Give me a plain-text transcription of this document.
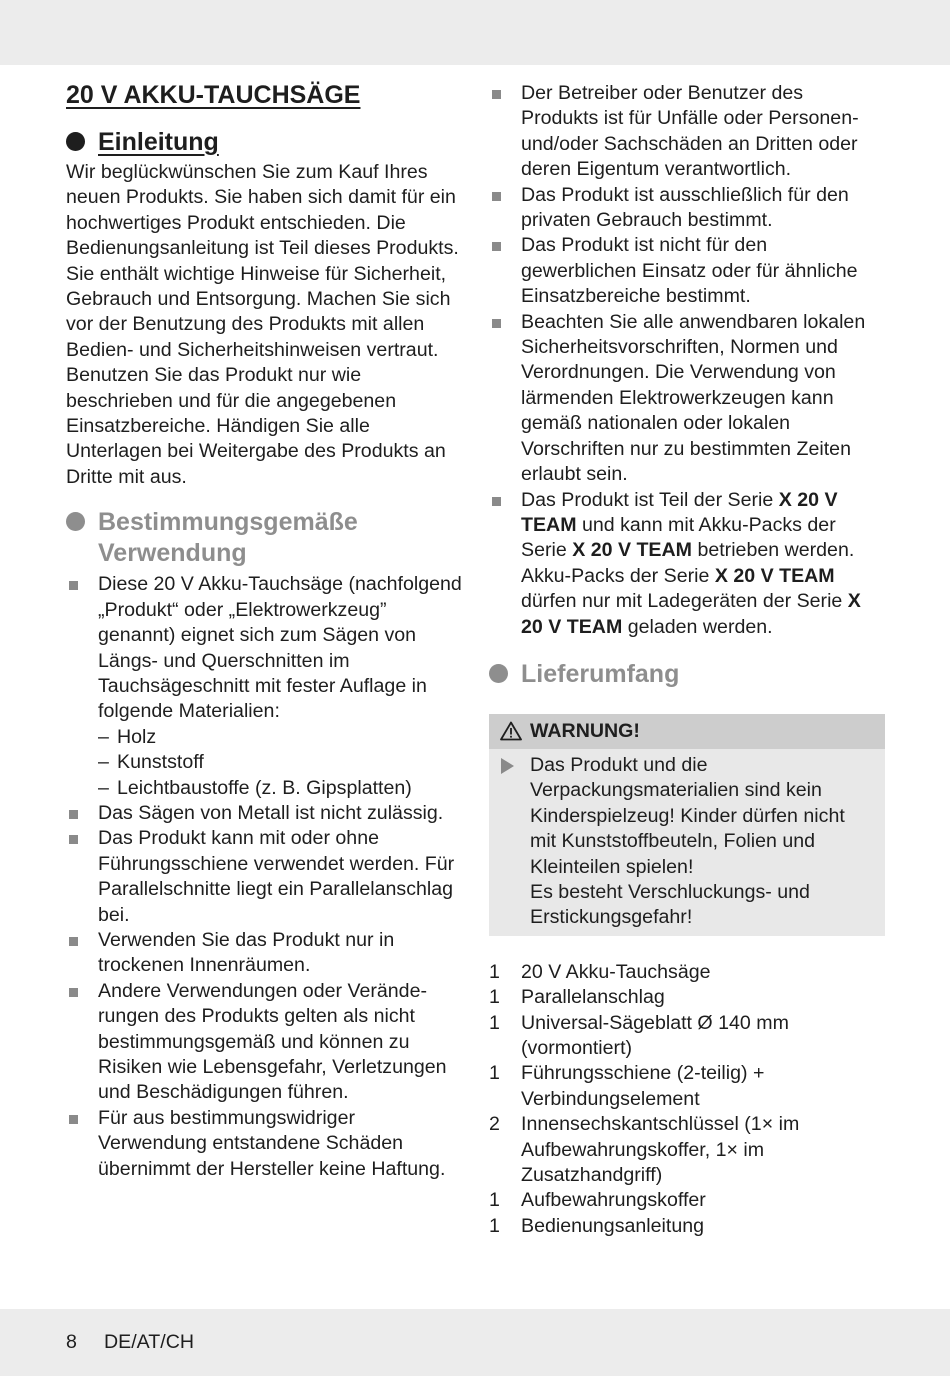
20 V AKKU-TAUCHSÄGE
Einleitung

Wir beglückwünschen Sie zum Kauf Ihres neuen Produkts. Sie haben sich damit für ein hochwertiges Produkt entschieden. Die Bedienungsanleitung ist Teil dieses Produkts. Sie enthält wichtige Hinweise für Sicherheit, Gebrauch und Entsorgung. Machen Sie sich vor der Benutzung des Produkts mit allen Bedien- und Sicherheitshinweisen vertraut. Benutzen Sie das Produkt nur wie beschrieben und für die angegebenen Einsatzbereiche. Händigen Sie alle Unterlagen bei Weitergabe des Produkts an Dritte mit aus.

Bestimmungsgemäße
Verwendung
Diese 20 V Akku-Tauchsäge (nachfolgend „Produkt“ oder „Elektrowerkzeug” genannt) eignet sich zum Sägen von Längs- und Querschnitten im Tauchsägeschnitt mit fester Auflage in folgende Materialien:
– Holz
– Kunststoff
– Leichtbaustoffe (z. B. Gipsplatten)
Das Sägen von Metall ist nicht zulässig.
Das Produkt kann mit oder ohne Führungsschiene verwendet werden. Für Parallelschnitte liegt ein Parallelanschlag bei.
Verwenden Sie das Produkt nur in trockenen Innenräumen.
Andere Verwendungen oder Verände-rungen des Produkts gelten als nicht bestimmungsgemäß und können zu Risiken wie Lebensgefahr, Verletzungen und Beschädigungen führen.
Für aus bestimmungswidriger Verwendung entstandene Schäden übernimmt der Hersteller keine Haftung.
Der Betreiber oder Benutzer des Produkts ist für Unfälle oder Personen- und/oder Sachschäden an Dritten oder deren Eigentum verantwortlich.
Das Produkt ist ausschließlich für den privaten Gebrauch bestimmt.
Das Produkt ist nicht für den gewerblichen Einsatz oder für ähnliche Einsatzbereiche bestimmt.
Beachten Sie alle anwendbaren lokalen Sicherheitsvorschriften, Normen und Verordnungen. Die Verwendung von lärmenden Elektrowerkzeugen kann gemäß nationalen oder lokalen Vorschriften nur zu bestimmten Zeiten erlaubt sein.
Das Produkt ist Teil der Serie X 20 V TEAM und kann mit Akku-Packs der Serie X 20 V TEAM betrieben werden. Akku-Packs der Serie X 20 V TEAM dürfen nur mit Ladegeräten der Serie X 20 V TEAM geladen werden.
Lieferumfang
WARNUNG!
Das Produkt und die Verpackungsmaterialien sind kein Kinderspielzeug! Kinder dürfen nicht mit Kunststoffbeuteln, Folien und Kleinteilen spielen!
Es besteht Verschluckungs- und Erstickungsgefahr!
1	20 V Akku-Tauchsäge
1	Parallelanschlag
1	Universal-Sägeblatt Ø 140 mm (vormontiert)
1	Führungsschiene (2-teilig) + Verbindungselement
2	Innensechskantschlüssel (1× im Aufbewahrungskoffer, 1× im Zusatzhandgriff)
1	Aufbewahrungskoffer
1	Bedienungsanleitung
8 DE/AT/CH
